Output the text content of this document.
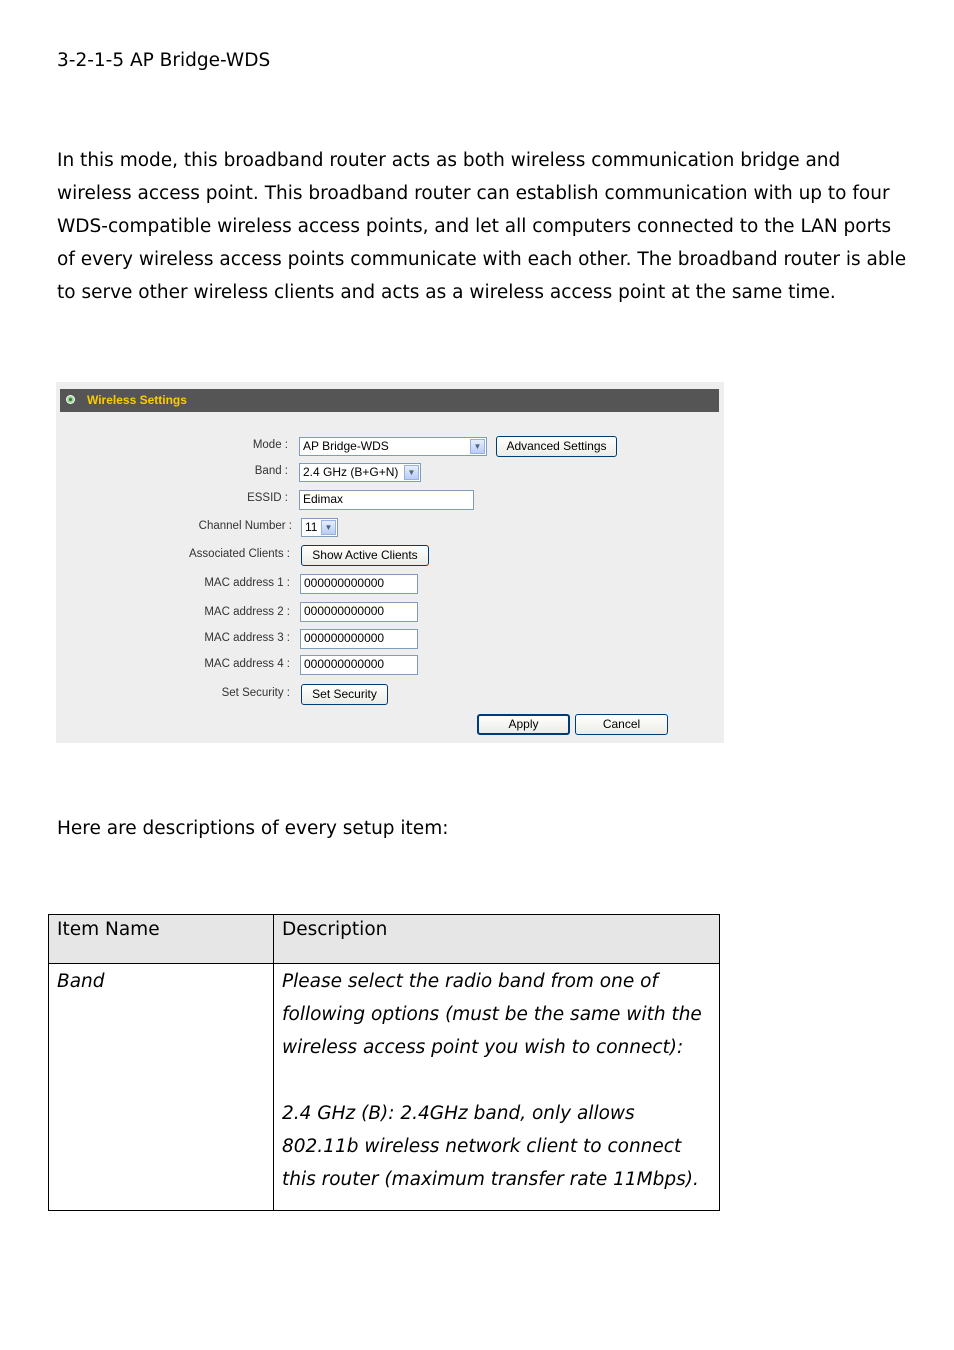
3-2-1-5 AP Bridge-WDS

In this mode, this broadband router acts as both wireless communication bridge and wireless access point. This broadband router can establish communication with up to four WDS-compatible wireless access points, and let all computers connected to the LAN ports of every wireless access points communicate with each other. The broadband router is able to serve other wireless clients and acts as a wireless access point at the same time.

Wireless Settings
Mode : AP Bridge-WDS	▼	Advanced Settings
Band : 2.4 GHz (B+G+N)	▼
ESSID :	Edimax
Channel Number : 11 ▼
Associated Clients :	Show Active Clients
MAC address 1 :	000000000000
MAC address 2 :	000000000000
MAC address 3 :	000000000000
MAC address 4 :	000000000000
Set Security :	Set Security
Apply	Cancel
Here are descriptions of every setup item:
Item Name	Description
Band	Please select the radio band from one of following options (must be the same with the wireless access point you wish to connect):

2.4 GHz (B): 2.4GHz band, only allows 802.11b wireless network client to connect this router (maximum transfer rate 11Mbps).
